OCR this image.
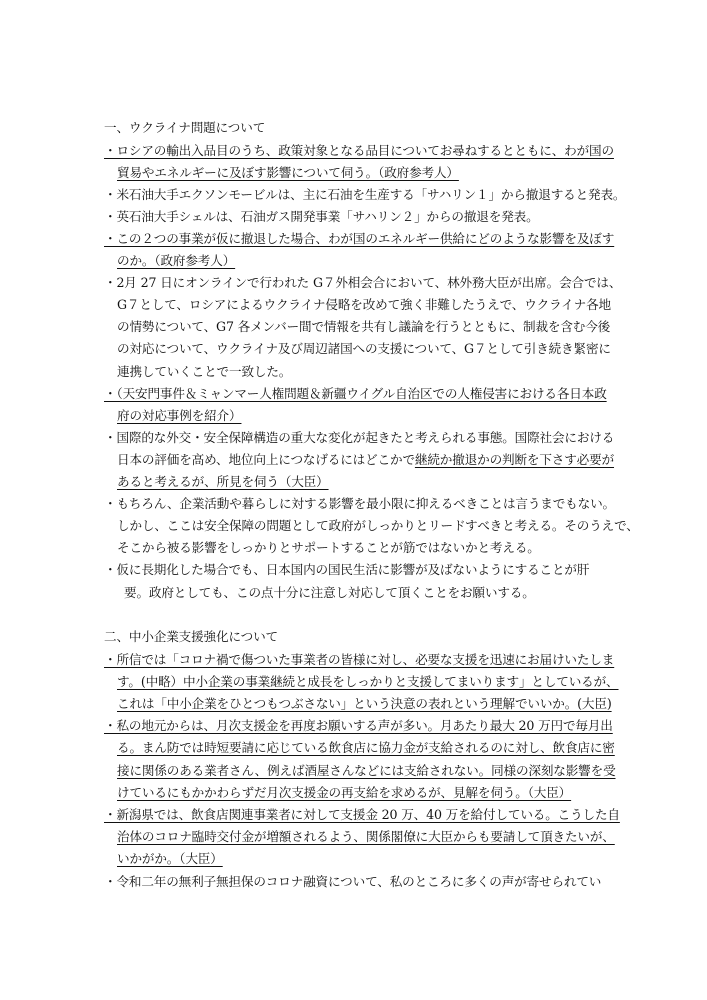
一、ウクライナ問題について
・ロシアの輸出入品目のうち、政策対象となる品目についてお尋ねするとともに、わが国の
貿易やエネルギーに及ぼす影響について伺う。（政府参考人）
・米石油大手エクソンモービルは、主に石油を生産する「サハリン１」から撤退すると発表。
・英石油大手シェルは、石油ガス開発事業「サハリン２」からの撤退を発表。
・この２つの事業が仮に撤退した場合、わが国のエネルギー供給にどのような影響を及ぼす
のか。（政府参考人）
・2月 27 日にオンラインで行われた G７外相会合において、林外務大臣が出席。会合では、
G７として、ロシアによるウクライナ侵略を改めて強く非難したうえで、ウクライナ各地
の情勢について、G7 各メンバー間で情報を共有し議論を行うとともに、制裁を含む今後
の対応について、ウクライナ及び周辺諸国への支援について、G７として引き続き緊密に
連携していくことで一致した。
・（天安門事件＆ミャンマー人権問題＆新疆ウイグル自治区での人権侵害における各日本政
府の対応事例を紹介）
・国際的な外交・安全保障構造の重大な変化が起きたと考えられる事態。国際社会における
日本の評価を高め、地位向上につなげるにはどこかで継続か撤退かの判断を下さす必要が
あると考えるが、所見を伺う（大臣）
・もちろん、企業活動や暮らしに対する影響を最小限に抑えるべきことは言うまでもない。
しかし、ここは安全保障の問題として政府がしっかりとリードすべきと考える。そのうえで、
そこから被る影響をしっかりとサポートすることが筋ではないかと考える。
・仮に長期化した場合でも、日本国内の国民生活に影響が及ばないようにすることが肝
要。政府としても、この点十分に注意し対応して頂くことをお願いする。
二、中小企業支援強化について
・所信では「コロナ禍で傷ついた事業者の皆様に対し、必要な支援を迅速にお届けいたしま
す。(中略）中小企業の事業継続と成長をしっかりと支援してまいります」としているが、
これは「中小企業をひとつもつぶさない」という決意の表れという理解でいいか。(大臣)
・私の地元からは、月次支援金を再度お願いする声が多い。月あたり最大 20 万円で毎月出
る。まん防では時短要請に応じている飲食店に協力金が支給されるのに対し、飲食店に密
接に関係のある業者さん、例えば酒屋さんなどには支給されない。同様の深刻な影響を受
けているにもかかわらずだ月次支援金の再支給を求めるが、見解を伺う。（大臣）
・新潟県では、飲食店関連事業者に対して支援金 20 万、40 万を給付している。こうした自
治体のコロナ臨時交付金が増額されるよう、関係閣僚に大臣からも要請して頂きたいが、
いかがか。（大臣）
・令和二年の無利子無担保のコロナ融資について、私のところに多くの声が寄せられてい
